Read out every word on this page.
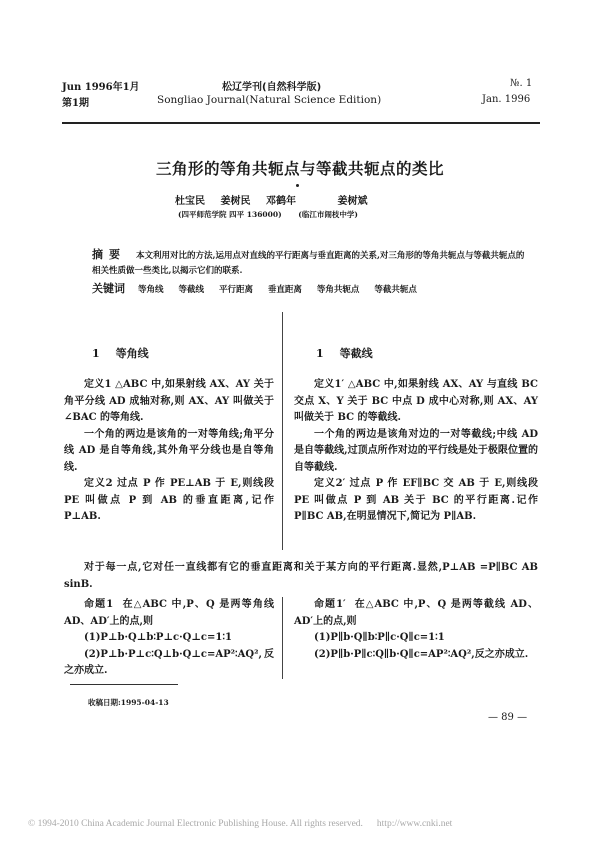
Jun 1996年1月
第1期
松辽学刊(自然科学版)
Songliao Journal(Natural Science Edition)
№. 1
Jan. 1996
三角形的等角共轭点与等截共轭点的类比
杜宝民 姜树民 邓鹤年	姜树斌
(四平师范学院 四平 136000) (临江市闹枝中学)
摘要 本文利用对比的方法,运用点对直线的平行距离与垂直距离的关系,对三角形的等角共轭点与等截共轭点的相关性质做一些类比,以揭示它们的联系.
关键词 等角线 等截线 平行距离 垂直距离 等角共轭点 等截共轭点
1 等角线

定义1 △ABC 中,如果射线 AX、AY 关于角平分线 AD 成轴对称,则 AX、AY 叫做关于∠BAC 的等角线.

一个角的两边是该角的一对等角线;角平分线 AD 是自等角线,其外角平分线也是自等角线.

定义2 过点 P 作 PE⊥AB 于 E,则线段 PE 叫做点 P 到 AB 的垂直距离,记作 P⊥AB.

1 等截线

定义1′ △ABC 中,如果射线 AX、AY 与直线 BC 交点 X、Y 关于 BC 中点 D 成中心对称,则 AX、AY 叫做关于 BC 的等截线.

一个角的两边是该角对边的一对等截线;中线 AD 是自等截线,过顶点所作对边的平行线是处于极限位置的自等截线.

定义2′ 过点 P 作 EF∥BC 交 AB 于 E,则线段 PE 叫做点 P 到 AB 关于 BC 的平行距离.记作 P∥BC AB,在明显情况下,简记为 P∥AB.

对于每一点,它对任一直线都有它的垂直距离和关于某方向的平行距离.显然,P⊥AB =P∥BC AB sinB.

命题1 在△ABC 中,P、Q 是两等角线 AD、AD′上的点,则

(1)P⊥b·Q⊥b∶P⊥c·Q⊥c=1∶1

(2)P⊥b·P⊥c∶Q⊥b·Q⊥c=AP²∶AQ²,反之亦成立.

命题1′ 在△ABC 中,P、Q 是两等截线 AD、AD′上的点,则

(1)P∥b·Q∥b∶P∥c·Q∥c=1∶1

(2)P∥b·P∥c∶Q∥b·Q∥c=AP²∶AQ²,反之亦成立.

收稿日期:1995-04-13
— 89 —
© 1994-2010 China Academic Journal Electronic Publishing House. All rights reserved. http://www.cnki.net
